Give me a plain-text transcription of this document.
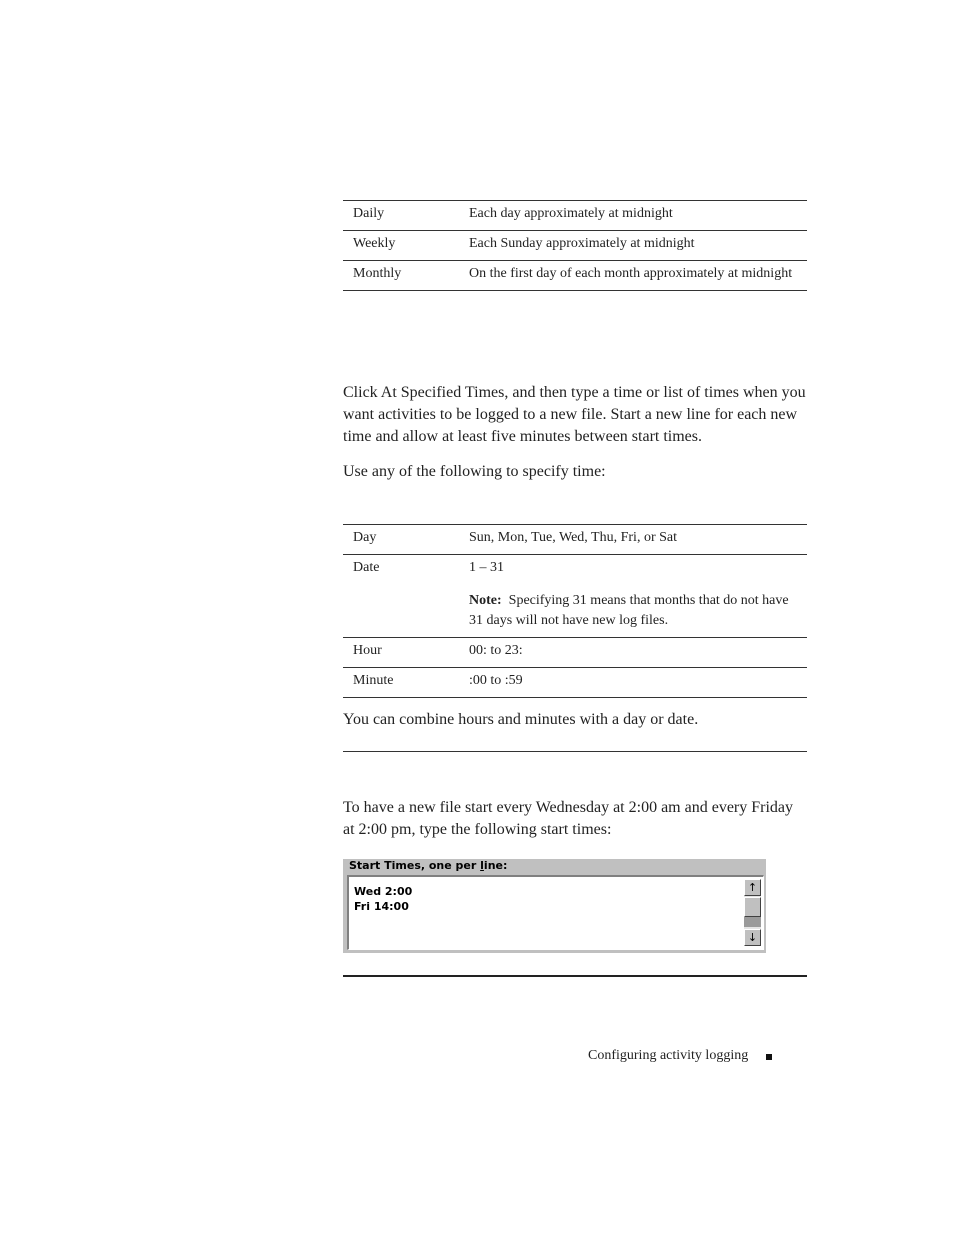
Daily	Each day approximately at midnight
Weekly	Each Sunday approximately at midnight
Monthly	On the first day of each month approximately at midnight

Click At Specified Times, and then type a time or list of times when you want activities to be logged to a new file. Start a new line for each new time and allow at least five minutes between start times.

Use any of the following to specify time:

Day	Sun, Mon, Tue, Wed, Thu, Fri, or Sat
Date	1 – 31
Note: Specifying 31 means that months that do not have 31 days will not have new log files.
Hour	00: to 23:
Minute	:00 to :59

You can combine hours and minutes with a day or date.

To have a new file start every Wednesday at 2:00 am and every Friday at 2:00 pm, type the following start times:

Start Times, one per line:
Wed 2:00
Fri 14:00
↑
↓
Configuring activity logging
